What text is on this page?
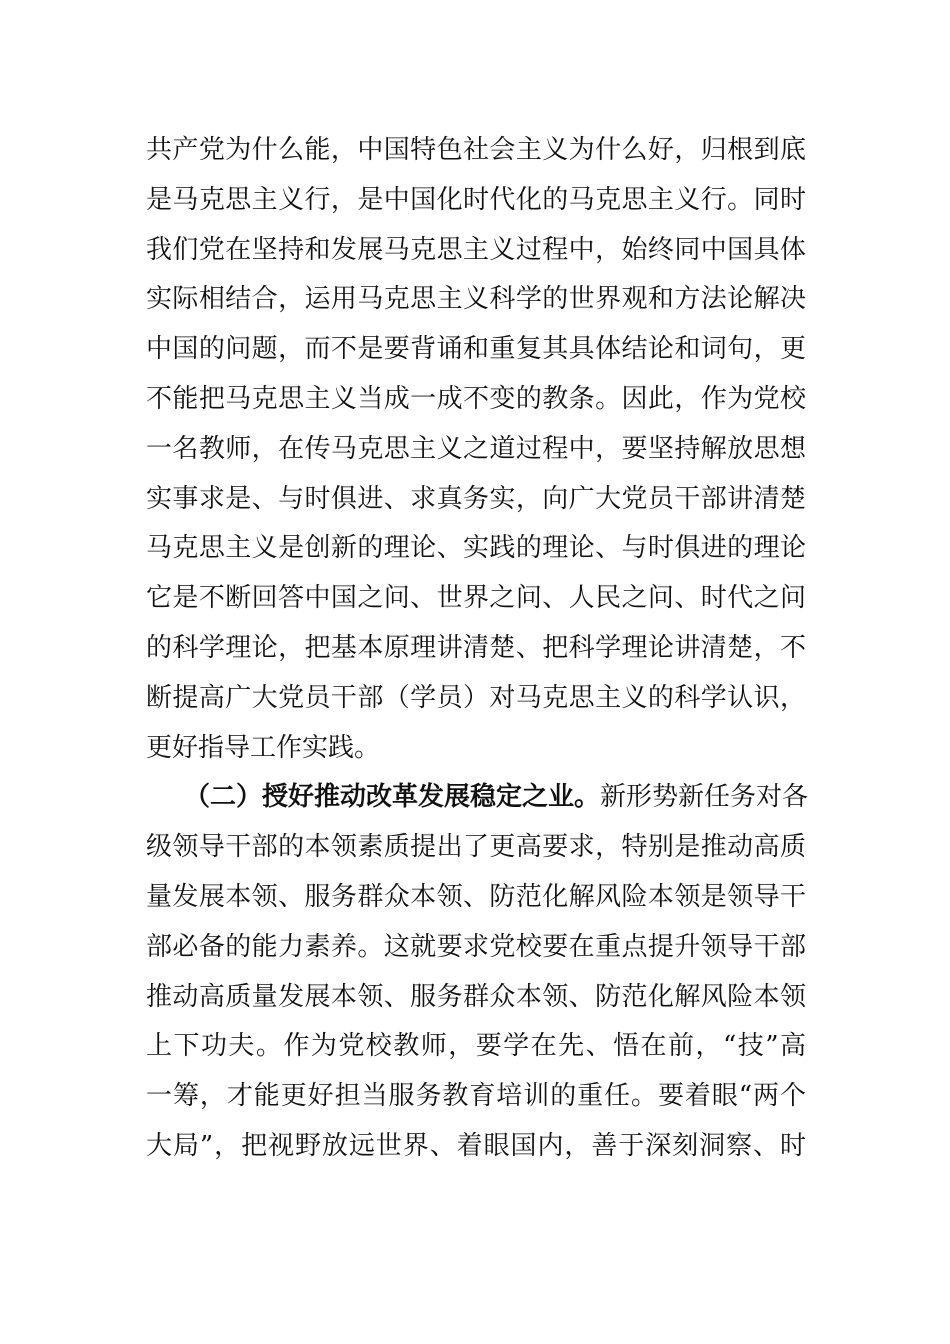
共产党为什么能，中国特色社会主义为什么好，归根到底
是马克思主义行，是中国化时代化的马克思主义行。同时
我们党在坚持和发展马克思主义过程中，始终同中国具体
实际相结合，运用马克思主义科学的世界观和方法论解决
中国的问题，而不是要背诵和重复其具体结论和词句，更
不能把马克思主义当成一成不变的教条。因此，作为党校
一名教师，在传马克思主义之道过程中，要坚持解放思想
实事求是、与时俱进、求真务实，向广大党员干部讲清楚
马克思主义是创新的理论、实践的理论、与时俱进的理论
它是不断回答中国之问、世界之问、人民之问、时代之问
的科学理论，把基本原理讲清楚、把科学理论讲清楚，不
断提高广大党员干部（学员）对马克思主义的科学认识，
更好指导工作实践。
（二）授好推动改革发展稳定之业。新形势新任务对各
级领导干部的本领素质提出了更高要求，特别是推动高质
量发展本领、服务群众本领、防范化解风险本领是领导干
部必备的能力素养。这就要求党校要在重点提升领导干部
推动高质量发展本领、服务群众本领、防范化解风险本领
上下功夫。作为党校教师，要学在先、悟在前，“技”高
一筹，才能更好担当服务教育培训的重任。要着眼“两个
大局”，把视野放远世界、着眼国内，善于深刻洞察、时
